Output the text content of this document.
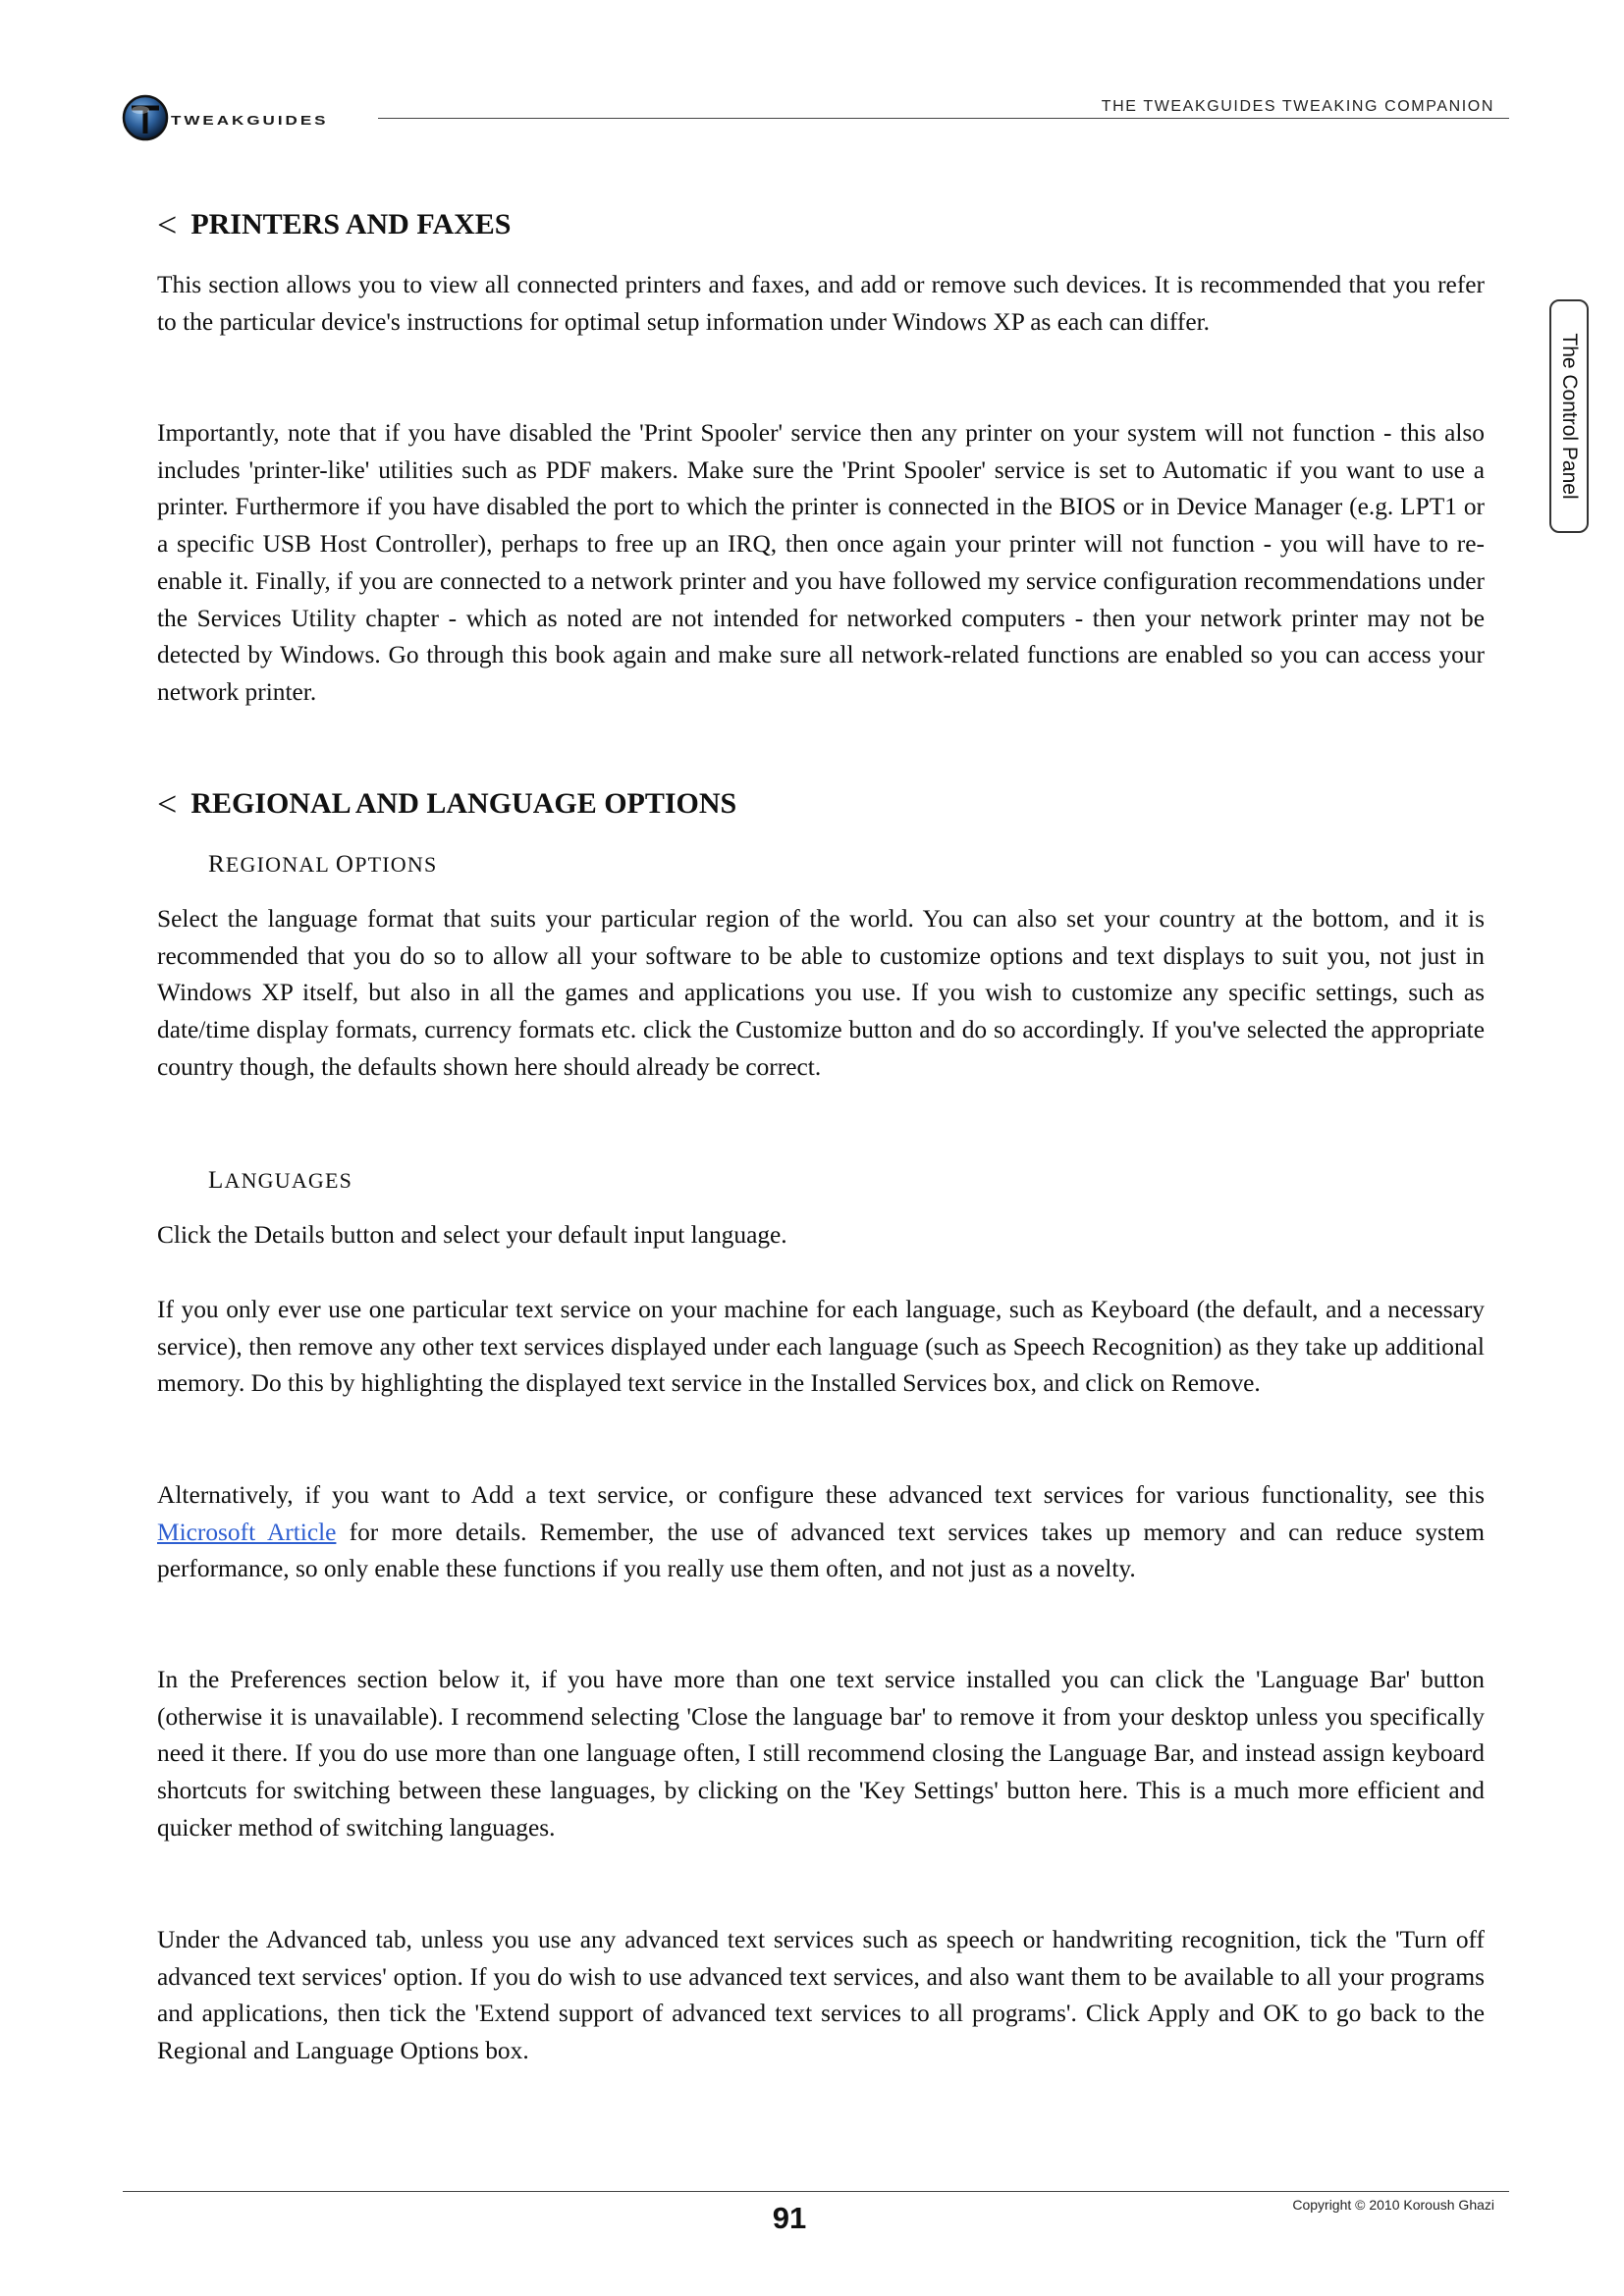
TWEAKGUIDES
THE TWEAKGUIDES TWEAKING COMPANION
The Control Panel
< PRINTERS AND FAXES

This section allows you to view all connected printers and faxes, and add or remove such devices. It is recommended that you refer to the particular device's instructions for optimal setup information under Windows XP as each can differ.

Importantly, note that if you have disabled the 'Print Spooler' service then any printer on your system will not function - this also includes 'printer-like' utilities such as PDF makers. Make sure the 'Print Spooler' service is set to Automatic if you want to use a printer. Furthermore if you have disabled the port to which the printer is connected in the BIOS or in Device Manager (e.g. LPT1 or a specific USB Host Controller), perhaps to free up an IRQ, then once again your printer will not function - you will have to re-enable it. Finally, if you are connected to a network printer and you have followed my service configuration recommendations under the Services Utility chapter - which as noted are not intended for networked computers - then your network printer may not be detected by Windows. Go through this book again and make sure all network-related functions are enabled so you can access your network printer.

< REGIONAL AND LANGUAGE OPTIONS
REGIONAL OPTIONS

Select the language format that suits your particular region of the world. You can also set your country at the bottom, and it is recommended that you do so to allow all your software to be able to customize options and text displays to suit you, not just in Windows XP itself, but also in all the games and applications you use. If you wish to customize any specific settings, such as date/time display formats, currency formats etc. click the Customize button and do so accordingly. If you've selected the appropriate country though, the defaults shown here should already be correct.

LANGUAGES

Click the Details button and select your default input language.

If you only ever use one particular text service on your machine for each language, such as Keyboard (the default, and a necessary service), then remove any other text services displayed under each language (such as Speech Recognition) as they take up additional memory. Do this by highlighting the displayed text service in the Installed Services box, and click on Remove.

Alternatively, if you want to Add a text service, or configure these advanced text services for various functionality, see this Microsoft Article for more details. Remember, the use of advanced text services takes up memory and can reduce system performance, so only enable these functions if you really use them often, and not just as a novelty.

In the Preferences section below it, if you have more than one text service installed you can click the 'Language Bar' button (otherwise it is unavailable). I recommend selecting 'Close the language bar' to remove it from your desktop unless you specifically need it there. If you do use more than one language often, I still recommend closing the Language Bar, and instead assign keyboard shortcuts for switching between these languages, by clicking on the 'Key Settings' button here. This is a much more efficient and quicker method of switching languages.

Under the Advanced tab, unless you use any advanced text services such as speech or handwriting recognition, tick the 'Turn off advanced text services' option. If you do wish to use advanced text services, and also want them to be available to all your programs and applications, then tick the 'Extend support of advanced text services to all programs'. Click Apply and OK to go back to the Regional and Language Options box.

Copyright © 2010 Koroush Ghazi
91
